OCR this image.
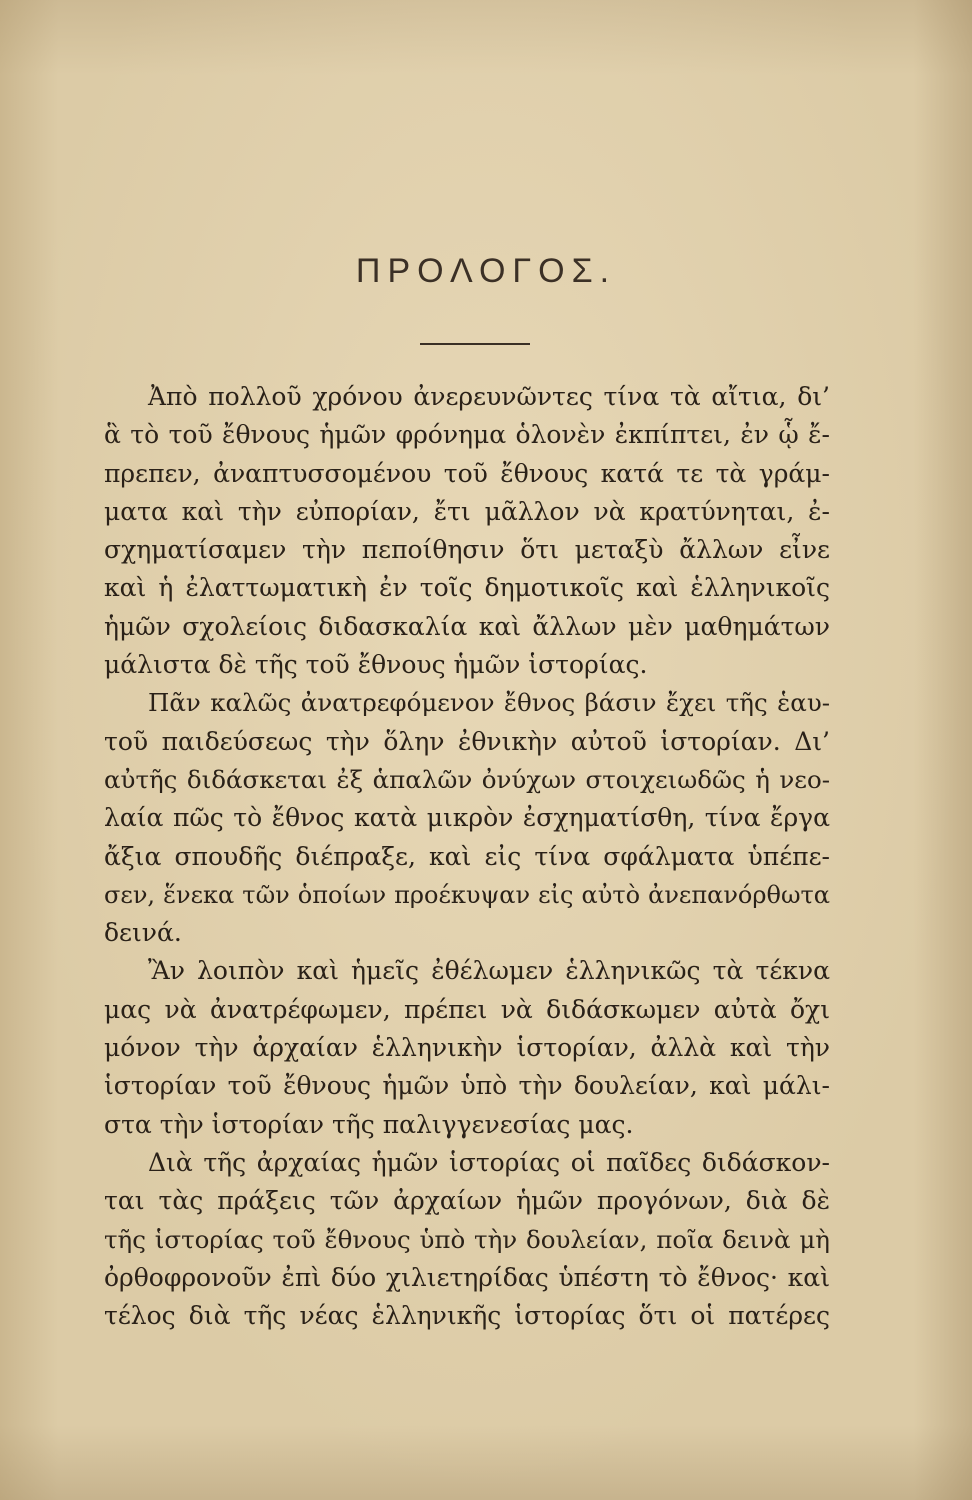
ΠΡΟΛΟΓΟΣ.
Ἀπὸ πολλοῦ χρόνου ἀνερευνῶντες τίνα τὰ αἴτια, δι’
ἃ τὸ τοῦ ἔθνους ἡμῶν φρόνημα ὁλονὲν ἐκπίπτει, ἐν ᾧ ἔ-
πρεπεν, ἀναπτυσσομένου τοῦ ἔθνους κατά τε τὰ γράμ-
ματα καὶ τὴν εὐπορίαν, ἔτι μᾶλλον νὰ κρατύνηται, ἐ-
σχηματίσαμεν τὴν πεποίθησιν ὅτι μεταξὺ ἄλλων εἶνε
καὶ ἡ ἐλαττωματικὴ ἐν τοῖς δημοτικοῖς καὶ ἑλληνικοῖς
ἡμῶν σχολείοις διδασκαλία καὶ ἄλλων μὲν μαθημάτων
μάλιστα δὲ τῆς τοῦ ἔθνους ἡμῶν ἱστορίας.
Πᾶν καλῶς ἀνατρεφόμενον ἔθνος βάσιν ἔχει τῆς ἑαυ-
τοῦ παιδεύσεως τὴν ὅλην ἐθνικὴν αὐτοῦ ἱστορίαν. Δι’
αὐτῆς διδάσκεται ἐξ ἁπαλῶν ὀνύχων στοιχειωδῶς ἡ νεο-
λαία πῶς τὸ ἔθνος κατὰ μικρὸν ἐσχηματίσθη, τίνα ἔργα
ἄξια σπουδῆς διέπραξε, καὶ εἰς τίνα σφάλματα ὑπέπε-
σεν, ἕνεκα τῶν ὁποίων προέκυψαν εἰς αὐτὸ ἀνεπανόρθωτα
δεινά.
Ἂν λοιπὸν καὶ ἡμεῖς ἐθέλωμεν ἑλληνικῶς τὰ τέκνα
μας νὰ ἀνατρέφωμεν, πρέπει νὰ διδάσκωμεν αὐτὰ ὄχι
μόνον τὴν ἀρχαίαν ἑλληνικὴν ἱστορίαν, ἀλλὰ καὶ τὴν
ἱστορίαν τοῦ ἔθνους ἡμῶν ὑπὸ τὴν δουλείαν, καὶ μάλι-
στα τὴν ἱστορίαν τῆς παλιγγενεσίας μας.
Διὰ τῆς ἀρχαίας ἡμῶν ἱστορίας οἱ παῖδες διδάσκον-
ται τὰς πράξεις τῶν ἀρχαίων ἡμῶν προγόνων, διὰ δὲ
τῆς ἱστορίας τοῦ ἔθνους ὑπὸ τὴν δουλείαν, ποῖα δεινὰ μὴ
ὀρθοφρονοῦν ἐπὶ δύο χιλιετηρίδας ὑπέστη τὸ ἔθνος· καὶ
τέλος διὰ τῆς νέας ἑλληνικῆς ἱστορίας ὅτι οἱ πατέρες
